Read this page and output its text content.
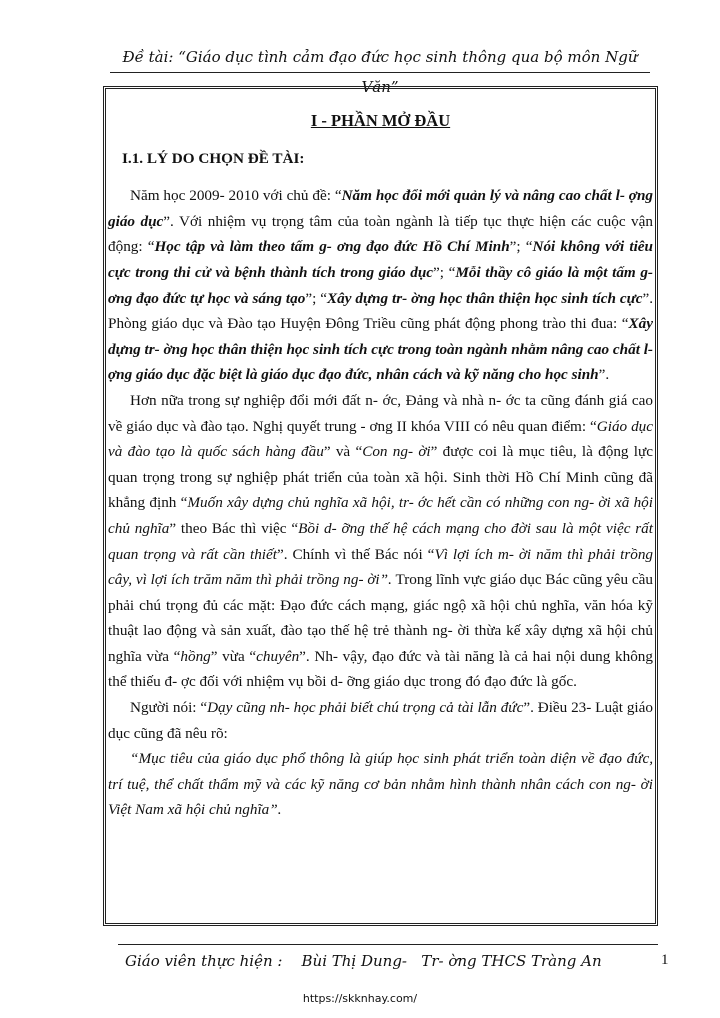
Đề tài: “Giáo dục tình cảm đạo đức học sinh thông qua bộ môn Ngữ Văn”
I - PHẦN MỞ ĐẦU
I.1. LÝ DO CHỌN ĐỀ TÀI:

Năm học 2009- 2010 với chủ đề: “Năm học đổi mới quản lý và nâng cao chất l- ợng giáo dục”. Với nhiệm vụ trọng tâm của toàn ngành là tiếp tục thực hiện các cuộc vận động: “Học tập và làm theo tấm g- ơng đạo đức Hồ Chí Minh”; “Nói không với tiêu cực trong thi cử và bệnh thành tích trong giáo dục”; “Mỗi thầy cô giáo là một tấm g- ơng đạo đức tự học và sáng tạo”; “Xây dựng tr- ờng học thân thiện học sinh tích cực”. Phòng giáo dục và Đào tạo Huyện Đông Triều cũng phát động phong trào thi đua: “Xây dựng tr- ờng học thân thiện học sinh tích cực trong toàn ngành nhằm nâng cao chất l- ợng giáo dục đặc biệt là giáo dục đạo đức, nhân cách và kỹ năng cho học sinh”.

Hơn nữa trong sự nghiệp đổi mới đất n- ớc, Đảng và nhà n- ớc ta cũng đánh giá cao về giáo dục và đào tạo. Nghị quyết trung - ơng II khóa VIII có nêu quan điểm: “Giáo dục và đào tạo là quốc sách hàng đầu” và “Con ng- ời” được coi là mục tiêu, là động lực quan trọng trong sự nghiệp phát triển của toàn xã hội. Sinh thời Hồ Chí Minh cũng đã khẳng định “Muốn xây dựng chủ nghĩa xã hội, tr- ớc hết cần có những con ng- ời xã hội chủ nghĩa” theo Bác thì việc “Bồi d- ỡng thế hệ cách mạng cho đời sau là một việc rất quan trọng và rất cần thiết”. Chính vì thế Bác nói “Vì lợi ích m- ời năm thì phải trồng cây, vì lợi ích trăm năm thì phải trồng ng- ời”. Trong lĩnh vực giáo dục Bác cũng yêu cầu phải chú trọng đủ các mặt: Đạo đức cách mạng, giác ngộ xã hội chủ nghĩa, văn hóa kỹ thuật lao động và sản xuất, đào tạo thế hệ trẻ thành ng- ời thừa kế xây dựng xã hội chủ nghĩa vừa “hồng” vừa “chuyên”. Nh- vậy, đạo đức và tài năng là cả hai nội dung không thể thiếu đ- ợc đối với nhiệm vụ bồi d- ỡng giáo dục trong đó đạo đức là gốc.

Người nói: “Dạy cũng nh- học phải biết chú trọng cả tài lẫn đức”. Điều 23- Luật giáo dục cũng đã nêu rõ:

“Mục tiêu của giáo dục phổ thông là giúp học sinh phát triển toàn diện về đạo đức, trí tuệ, thể chất thẩm mỹ và các kỹ năng cơ bản nhằm hình thành nhân cách con ng- ời Việt Nam xã hội chủ nghĩa”.

Giáo viên thực hiện :    Bùi Thị Dung-   Tr- ờng THCS Tràng An	1
https://skknhay.com/
